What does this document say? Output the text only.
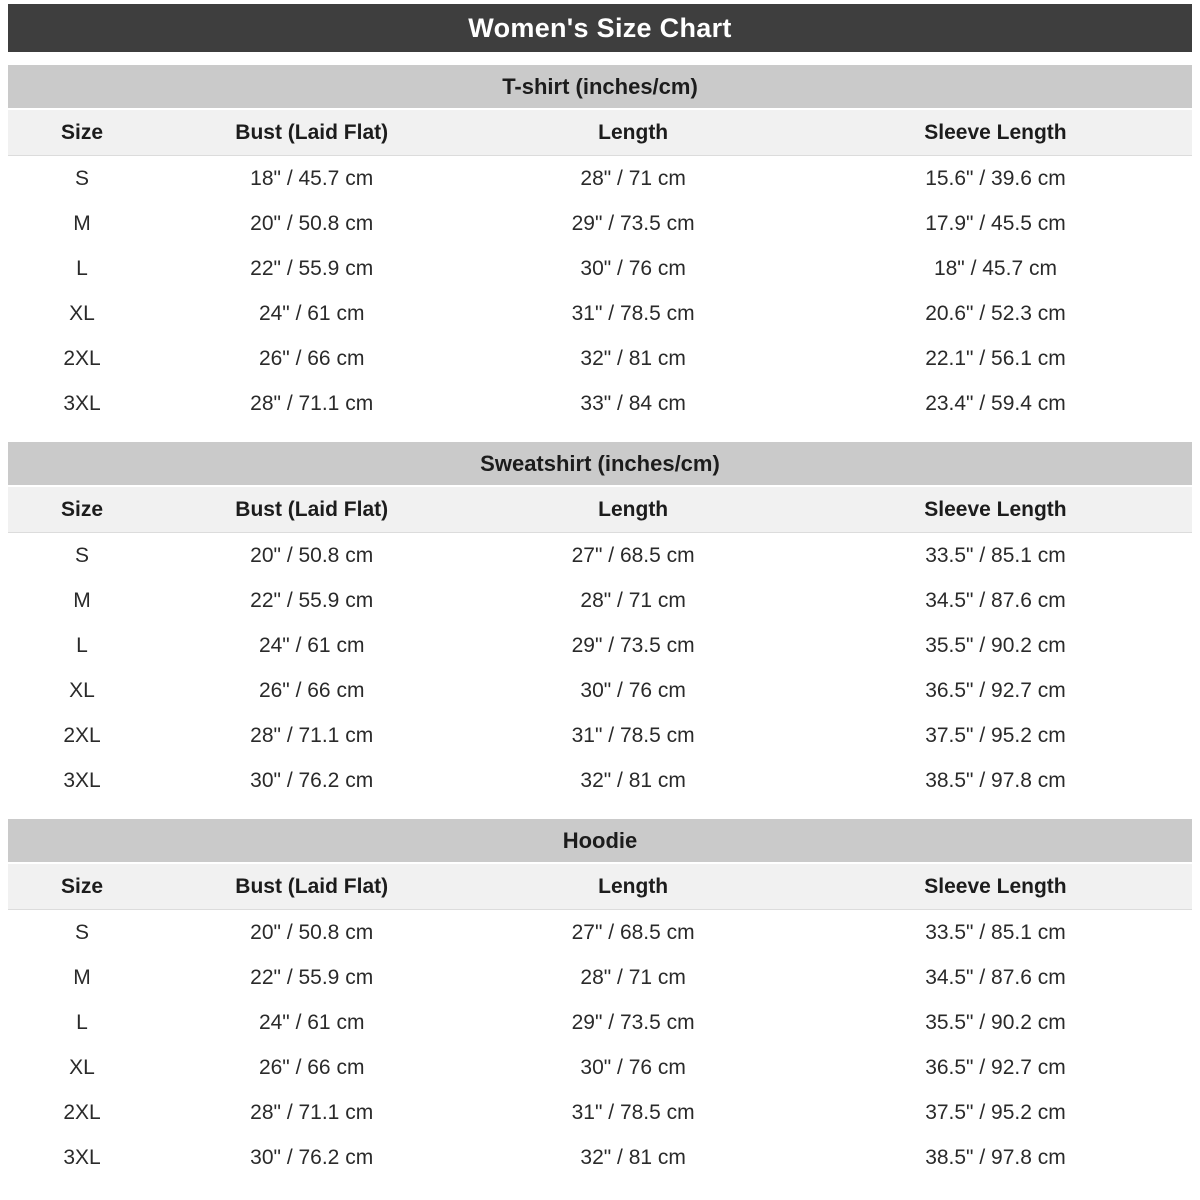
Women's Size Chart
T-shirt (inches/cm)
Size	Bust (Laid Flat)	Length	Sleeve Length
S	18" / 45.7 cm	28" / 71 cm	15.6" / 39.6 cm
M	20" / 50.8 cm	29" / 73.5 cm	17.9" / 45.5 cm
L	22" / 55.9 cm	30" / 76 cm	18" / 45.7 cm
XL	24" / 61 cm	31" / 78.5 cm	20.6" / 52.3 cm
2XL	26" / 66 cm	32" / 81 cm	22.1" / 56.1 cm
3XL	28" / 71.1 cm	33" / 84 cm	23.4" / 59.4 cm
Sweatshirt (inches/cm)
Size	Bust (Laid Flat)	Length	Sleeve Length
S	20" / 50.8 cm	27" / 68.5 cm	33.5" / 85.1 cm
M	22" / 55.9 cm	28" / 71 cm	34.5" / 87.6 cm
L	24" / 61 cm	29" / 73.5 cm	35.5" / 90.2 cm
XL	26" / 66 cm	30" / 76 cm	36.5" / 92.7 cm
2XL	28" / 71.1 cm	31" / 78.5 cm	37.5" / 95.2 cm
3XL	30" / 76.2 cm	32" / 81 cm	38.5" / 97.8 cm
Hoodie
Size	Bust (Laid Flat)	Length	Sleeve Length
S	20" / 50.8 cm	27" / 68.5 cm	33.5" / 85.1 cm
M	22" / 55.9 cm	28" / 71 cm	34.5" / 87.6 cm
L	24" / 61 cm	29" / 73.5 cm	35.5" / 90.2 cm
XL	26" / 66 cm	30" / 76 cm	36.5" / 92.7 cm
2XL	28" / 71.1 cm	31" / 78.5 cm	37.5" / 95.2 cm
3XL	30" / 76.2 cm	32" / 81 cm	38.5" / 97.8 cm
